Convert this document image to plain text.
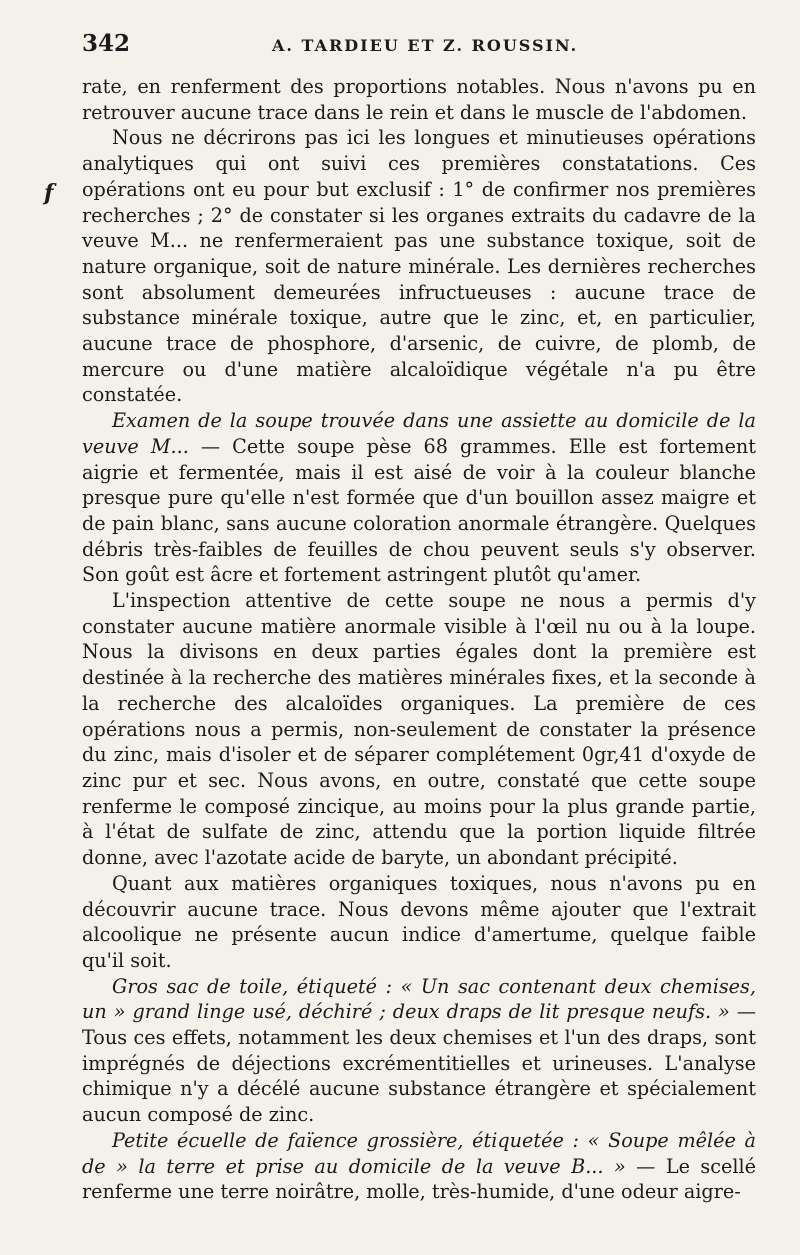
342	A. TARDIEU ET Z. ROUSSIN.
f

rate, en renferment des proportions notables. Nous n'avons pu en retrouver aucune trace dans le rein et dans le muscle de l'abdomen.

Nous ne décrirons pas ici les longues et minutieuses opérations analytiques qui ont suivi ces premières constatations. Ces opérations ont eu pour but exclusif : 1° de confirmer nos premières recherches ; 2° de constater si les organes extraits du cadavre de la veuve M... ne renfermeraient pas une substance toxique, soit de nature organique, soit de nature minérale. Les dernières recherches sont absolument demeurées infructueuses : aucune trace de substance minérale toxique, autre que le zinc, et, en particulier, aucune trace de phosphore, d'arsenic, de cuivre, de plomb, de mercure ou d'une matière alcaloïdique végétale n'a pu être constatée.

Examen de la soupe trouvée dans une assiette au domicile de la veuve M... — Cette soupe pèse 68 grammes. Elle est fortement aigrie et fermentée, mais il est aisé de voir à la couleur blanche presque pure qu'elle n'est formée que d'un bouillon assez maigre et de pain blanc, sans aucune coloration anormale étrangère. Quelques débris très-faibles de feuilles de chou peuvent seuls s'y observer. Son goût est âcre et fortement astringent plutôt qu'amer.

L'inspection attentive de cette soupe ne nous a permis d'y constater aucune matière anormale visible à l'œil nu ou à la loupe. Nous la divisons en deux parties égales dont la première est destinée à la recherche des matières minérales fixes, et la seconde à la recherche des alcaloïdes organiques. La première de ces opérations nous a permis, non-seulement de constater la présence du zinc, mais d'isoler et de séparer complétement 0gr,41 d'oxyde de zinc pur et sec. Nous avons, en outre, constaté que cette soupe renferme le composé zincique, au moins pour la plus grande partie, à l'état de sulfate de zinc, attendu que la portion liquide filtrée donne, avec l'azotate acide de baryte, un abondant précipité.

Quant aux matières organiques toxiques, nous n'avons pu en découvrir aucune trace. Nous devons même ajouter que l'extrait alcoolique ne présente aucun indice d'amertume, quelque faible qu'il soit.

Gros sac de toile, étiqueté : « Un sac contenant deux chemises, un » grand linge usé, déchiré ; deux draps de lit presque neufs. » — Tous ces effets, notamment les deux chemises et l'un des draps, sont imprégnés de déjections excrémentitielles et urineuses. L'analyse chimique n'y a décélé aucune substance étrangère et spécialement aucun composé de zinc.

Petite écuelle de faïence grossière, étiquetée : « Soupe mêlée à de » la terre et prise au domicile de la veuve B... » — Le scellé renferme une terre noirâtre, molle, très-humide, d'une odeur aigre-
